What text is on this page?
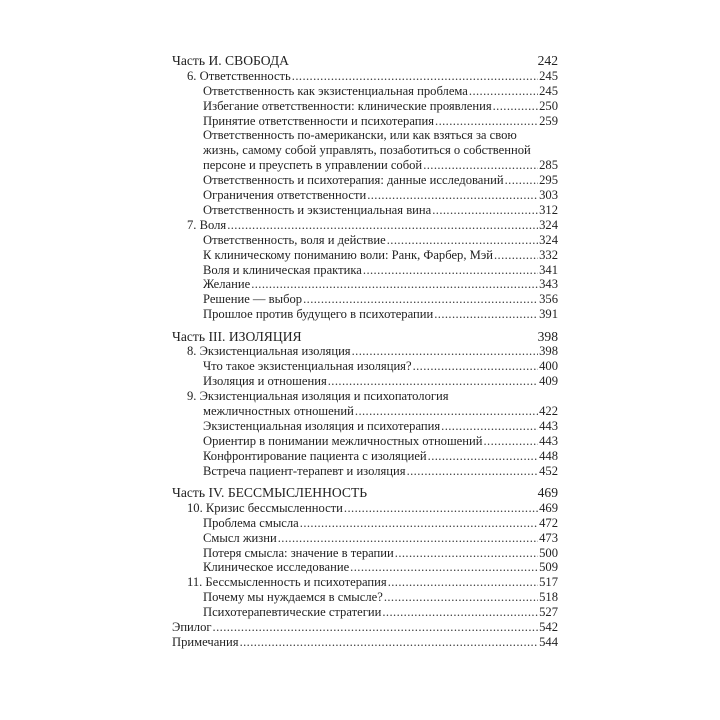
Часть И. СВОБОДА	242
6. Ответственность .....	245
Ответственность как экзистенциальная проблема .....	245
Избегание ответственности: клинические проявления .....	250
Принятие ответственности и психотерапия .....	259
Ответственность по-американски, или как взяться за свою
жизнь, самому собой управлять, позаботиться о собственной
персоне и преуспеть в управлении собой .....	285
Ответственность и психотерапия: данные исследований .....	295
Ограничения ответственности .....	303
Ответственность и экзистенциальная вина .....	312
7. Воля .....	324
Ответственность, воля и действие .....	324
К клиническому пониманию воли: Ранк, Фарбер, Мэй .....	332
Воля и клиническая практика .....	341
Желание .....	343
Решение — выбор .....	356
Прошлое против будущего в психотерапии .....	391
Часть III. ИЗОЛЯЦИЯ	398
8. Экзистенциальная изоляция .....	398
Что такое экзистенциальная изоляция? .....	400
Изоляция и отношения .....	409
9. Экзистенциальная изоляция и психопатология
межличностных отношений .....	422
Экзистенциальная изоляция и психотерапия .....	443
Ориентир в понимании межличностных отношений .....	443
Конфронтирование пациента с изоляцией .....	448
Встреча пациент-терапевт и изоляция .....	452
Часть IV. БЕССМЫСЛЕННОСТЬ	469
10. Кризис бессмысленности .....	469
Проблема смысла .....	472
Смысл жизни .....	473
Потеря смысла: значение в терапии .....	500
Клиническое исследование .....	509
11. Бессмысленность и психотерапия .....	517
Почему мы нуждаемся в смысле? .....	518
Психотерапевтические стратегии .....	527
Эпилог .....	542
Примечания .....	544
